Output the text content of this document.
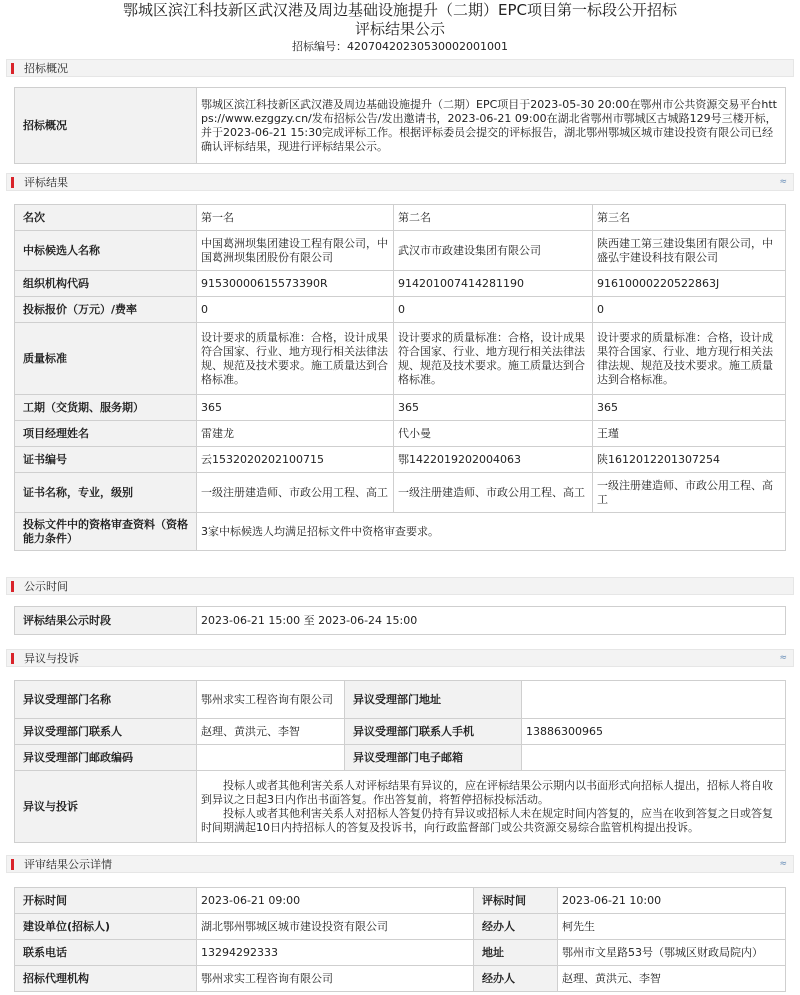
鄂城区滨江科技新区武汉港及周边基础设施提升（二期）EPC项目第一标段公开招标
评标结果公示
招标编号：42070420230530002001001
招标概况
招标概况	鄂城区滨江科技新区武汉港及周边基础设施提升（二期）EPC项目于2023-05-30 20:00在鄂州市公共资源交易平台https://www.ezggzy.cn/发布招标公告/发出邀请书，2023-06-21 09:00在湖北省鄂州市鄂城区古城路129号三楼开标，并于2023-06-21 15:30完成评标工作。根据评标委员会提交的评标报告，湖北鄂州鄂城区城市建设投资有限公司已经确认评标结果，现进行评标结果公示。
评标结果	≈
名次	第一名	第二名	第三名
中标候选人名称	中国葛洲坝集团建设工程有限公司，中国葛洲坝集团股份有限公司	武汉市市政建设集团有限公司	陕西建工第三建设集团有限公司，中盛弘宇建设科技有限公司
组织机构代码	91530000615573390R	914201007414281190	91610000220522863J
投标报价（万元）/费率	0	0	0
质量标准	设计要求的质量标准：合格，设计成果符合国家、行业、地方现行相关法律法规、规范及技术要求。施工质量达到合格标准。	设计要求的质量标准：合格，设计成果符合国家、行业、地方现行相关法律法规、规范及技术要求。施工质量达到合格标准。	设计要求的质量标准：合格，设计成果符合国家、行业、地方现行相关法律法规、规范及技术要求。施工质量达到合格标准。
工期（交货期、服务期）	365	365	365
项目经理姓名	雷建龙	代小曼	王瑾
证书编号	云1532020202100715	鄂1422019202004063	陕1612012201307254
证书名称，专业，级别	一级注册建造师、市政公用工程、高工	一级注册建造师、市政公用工程、高工	一级注册建造师、市政公用工程、高工
投标文件中的资格审查资料（资格能力条件）	3家中标候选人均满足招标文件中资格审查要求。		
公示时间
评标结果公示时段	2023-06-21 15:00 至 2023-06-24 15:00
异议与投诉	≈
异议受理部门名称	鄂州求实工程咨询有限公司	异议受理部门地址	
异议受理部门联系人	赵理、黄洪元、李智	异议受理部门联系人手机	13886300965
异议受理部门邮政编码		异议受理部门电子邮箱	
异议与投诉	投标人或者其他利害关系人对评标结果有异议的，应在评标结果公示期内以书面形式向招标人提出，招标人将自收到异议之日起3日内作出书面答复。作出答复前，将暂停招标投标活动。
投标人或者其他利害关系人对招标人答复仍持有异议或招标人未在规定时间内答复的，应当在收到答复之日或答复时间期满起10日内持招标人的答复及投诉书，向行政监督部门或公共资源交易综合监管机构提出投诉。		
评审结果公示详情	≈
开标时间	2023-06-21 09:00	评标时间	2023-06-21 10:00
建设单位(招标人)	湖北鄂州鄂城区城市建设投资有限公司	经办人	柯先生
联系电话	13294292333	地址	鄂州市文星路53号（鄂城区财政局院内）
招标代理机构	鄂州求实工程咨询有限公司	经办人	赵理、黄洪元、李智
